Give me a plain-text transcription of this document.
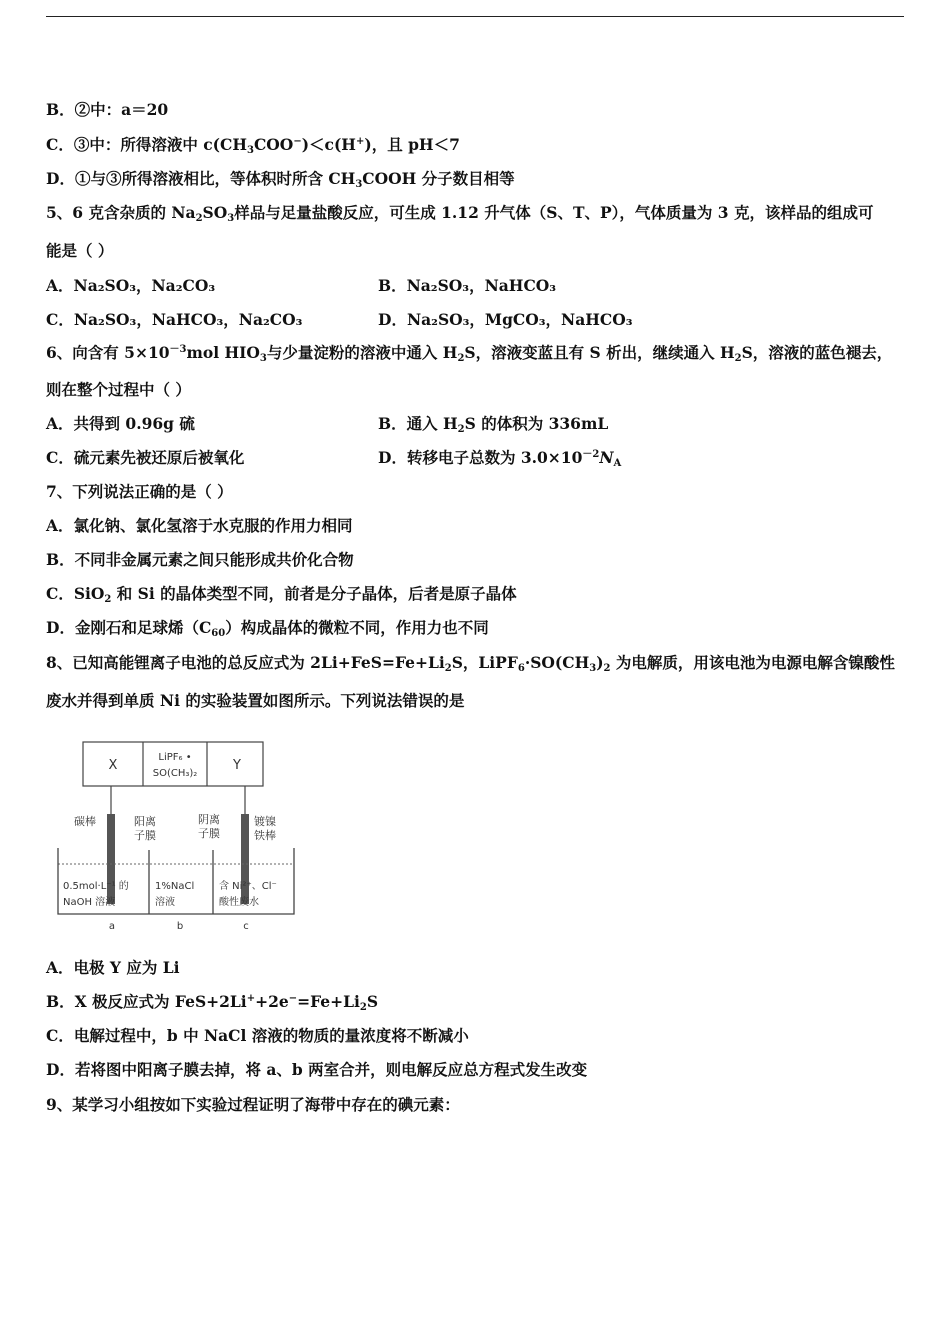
B．②中：a＝20
C．③中：所得溶液中 $c(CH_3COO^-)<c(H^+)$，且 pH＜7
D．①与③所得溶液相比，等体积时所含 $CH_3COOH$ 分子数目相等
5、6 克含杂质的 $Na_2SO_3$样品与足量盐酸反应，可生成 1.12 升气体（S、T、P），气体质量为 3 克，该样品的组成可
能是（ ）
A．Na₂SO₃，Na₂CO₃	B．Na₂SO₃，NaHCO₃
C．Na₂SO₃，NaHCO₃，Na₂CO₃	D．Na₂SO₃，MgCO₃，NaHCO₃
6、向含有 $5\times 10^{-3}mol$ $HIO_3$与少量淀粉的溶液中通入 $H_2S$，溶液变蓝且有 S 析出，继续通入 $H_2S$，溶液的蓝色褪去，
则在整个过程中（ ）
A．共得到 0.96g 硫	B．通入 $H_2S$ 的体积为 336mL
C．硫元素先被还原后被氧化	D．转移电子总数为 $3.0\times 10^{-2}N_A$
7、下列说法正确的是（ ）
A．氯化钠、氯化氢溶于水克服的作用力相同
B．不同非金属元素之间只能形成共价化合物
C．SiO$_2$ 和 Si 的晶体类型不同，前者是分子晶体，后者是原子晶体
D．金刚石和足球烯$(C_{60})$构成晶体的微粒不同，作用力也不同
8、已知高能锂离子电池的总反应式为 $2Li+FeS=Fe+Li_2S$，$LiPF_6\cdot SO(CH_3)_2$ 为电解质，用该电池为电源电解含镍酸性
废水并得到单质 Ni 的实验装置如图所示。下列说法错误的是
X
LiPF₆ •
SO(CH₃)₂
Y
碳棒	阳离
子膜
阴离
子膜
镀镍
铁棒
0.5mol·L⁻¹ 的
NaOH 溶液
1%NaCl
溶液
含 Ni²⁺、Cl⁻
酸性废水
a	b	c
A．电极 Y 应为 Li
B．X 极反应式为 $FeS+2Li^++2e^-=Fe+Li_2S$
C．电解过程中，b 中 NaCl 溶液的物质的量浓度将不断减小
D．若将图中阳离子膜去掉，将 a、b 两室合并，则电解反应总方程式发生改变
9、某学习小组按如下实验过程证明了海带中存在的碘元素：
